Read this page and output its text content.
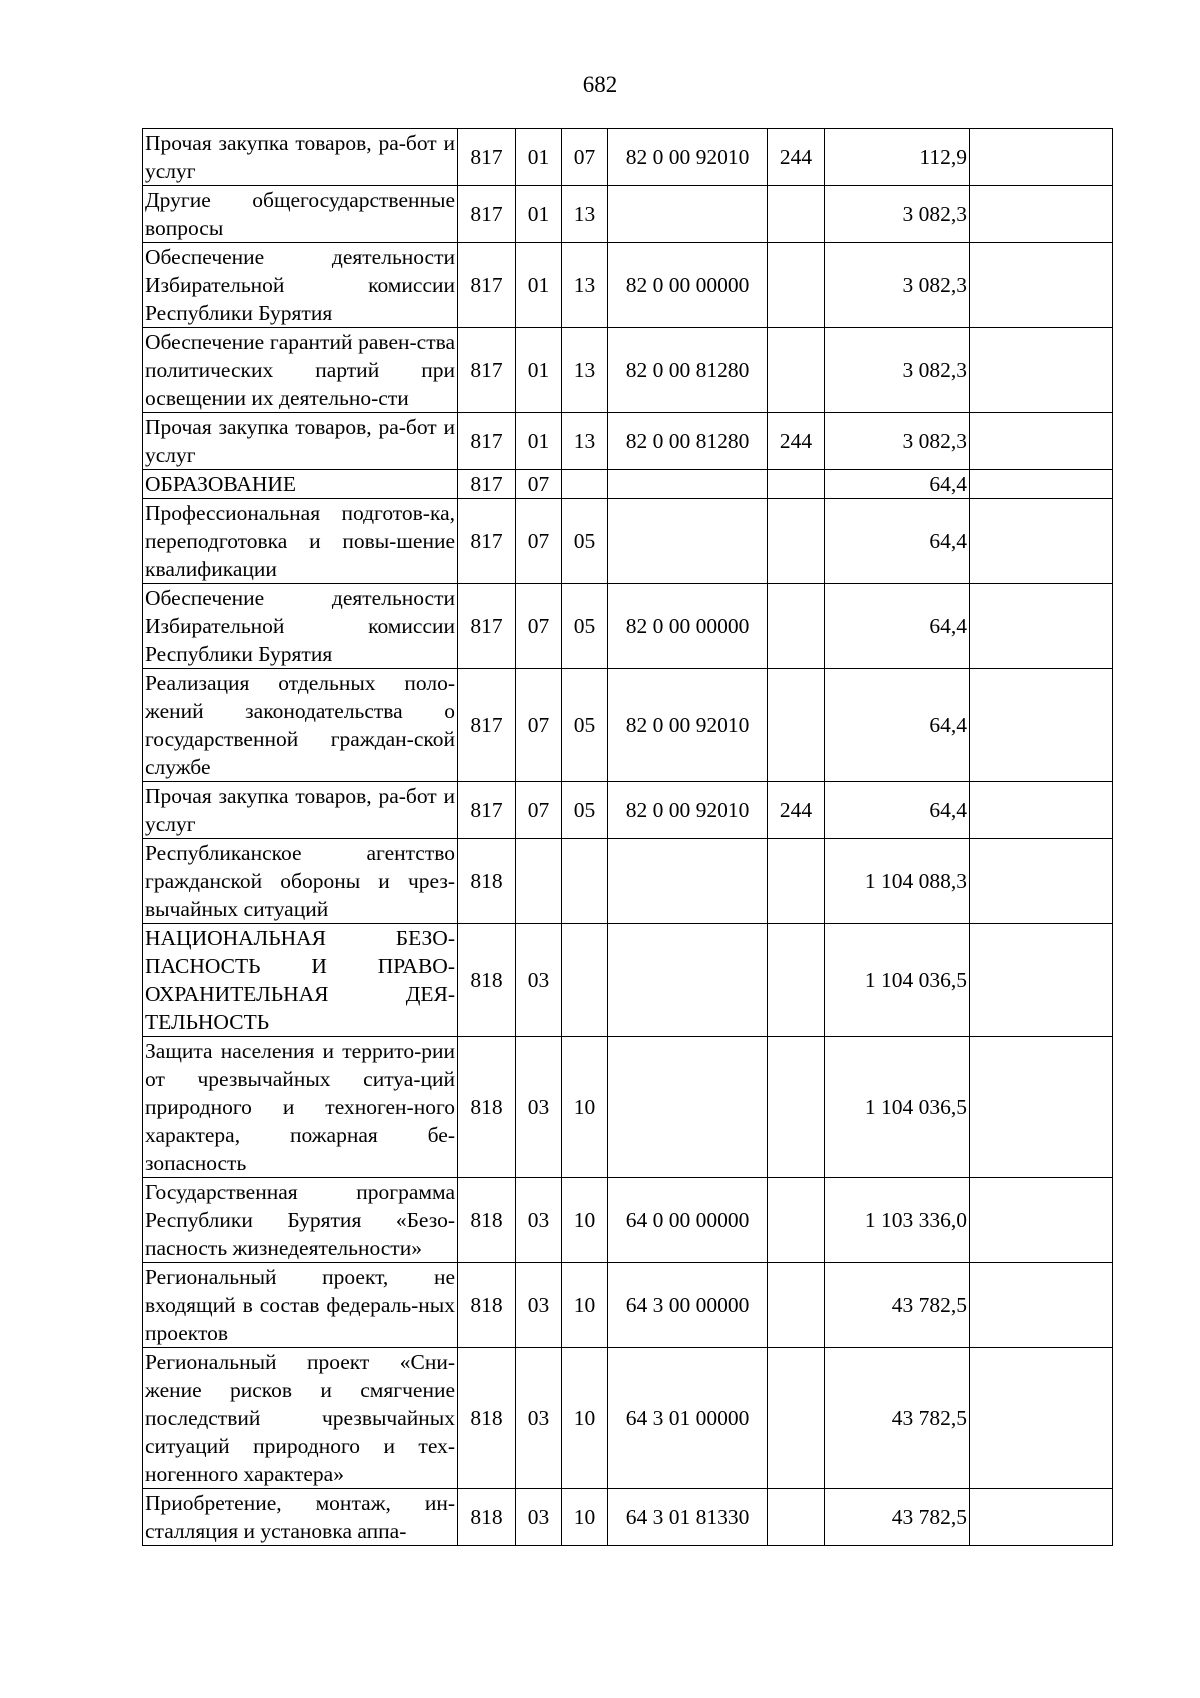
682
Прочая закупка товаров, ра-бот и услуг	817	01	07	82 0 00 92010	244	112,9	
Другие общегосударственные вопросы	817	01	13			3 082,3	
Обеспечение деятельности Избирательной комиссии Республики Бурятия	817	01	13	82 0 00 00000		3 082,3	
Обеспечение гарантий равен-ства политических партий при освещении их деятельно-сти	817	01	13	82 0 00 81280		3 082,3	
Прочая закупка товаров, ра-бот и услуг	817	01	13	82 0 00 81280	244	3 082,3	
ОБРАЗОВАНИЕ	817	07				64,4	
Профессиональная подготов-ка, переподготовка и повы-шение квалификации	817	07	05			64,4	
Обеспечение деятельности Избирательной комиссии Республики Бурятия	817	07	05	82 0 00 00000		64,4	
Реализация отдельных поло-жений законодательства о государственной граждан-ской службе	817	07	05	82 0 00 92010		64,4	
Прочая закупка товаров, ра-бот и услуг	817	07	05	82 0 00 92010	244	64,4	
Республиканское агентство гражданской обороны и чрез-вычайных ситуаций	818					1 104 088,3	
НАЦИОНАЛЬНАЯ БЕЗО-ПАСНОСТЬ И ПРАВО-ОХРАНИТЕЛЬНАЯ ДЕЯ-ТЕЛЬНОСТЬ	818	03				1 104 036,5	
Защита населения и террито-рии от чрезвычайных ситуа-ций природного и техноген-ного характера, пожарная бе-зопасность	818	03	10			1 104 036,5	
Государственная программа Республики Бурятия «Безо-пасность жизнедеятельности»	818	03	10	64 0 00 00000		1 103 336,0	
Региональный проект, не входящий в состав федераль-ных проектов	818	03	10	64 3 00 00000		43 782,5	
Региональный проект «Сни-жение рисков и смягчение последствий чрезвычайных ситуаций природного и тех-ногенного характера»	818	03	10	64 3 01 00000		43 782,5	
Приобретение, монтаж, ин-сталляция и установка аппа-	818	03	10	64 3 01 81330		43 782,5	
